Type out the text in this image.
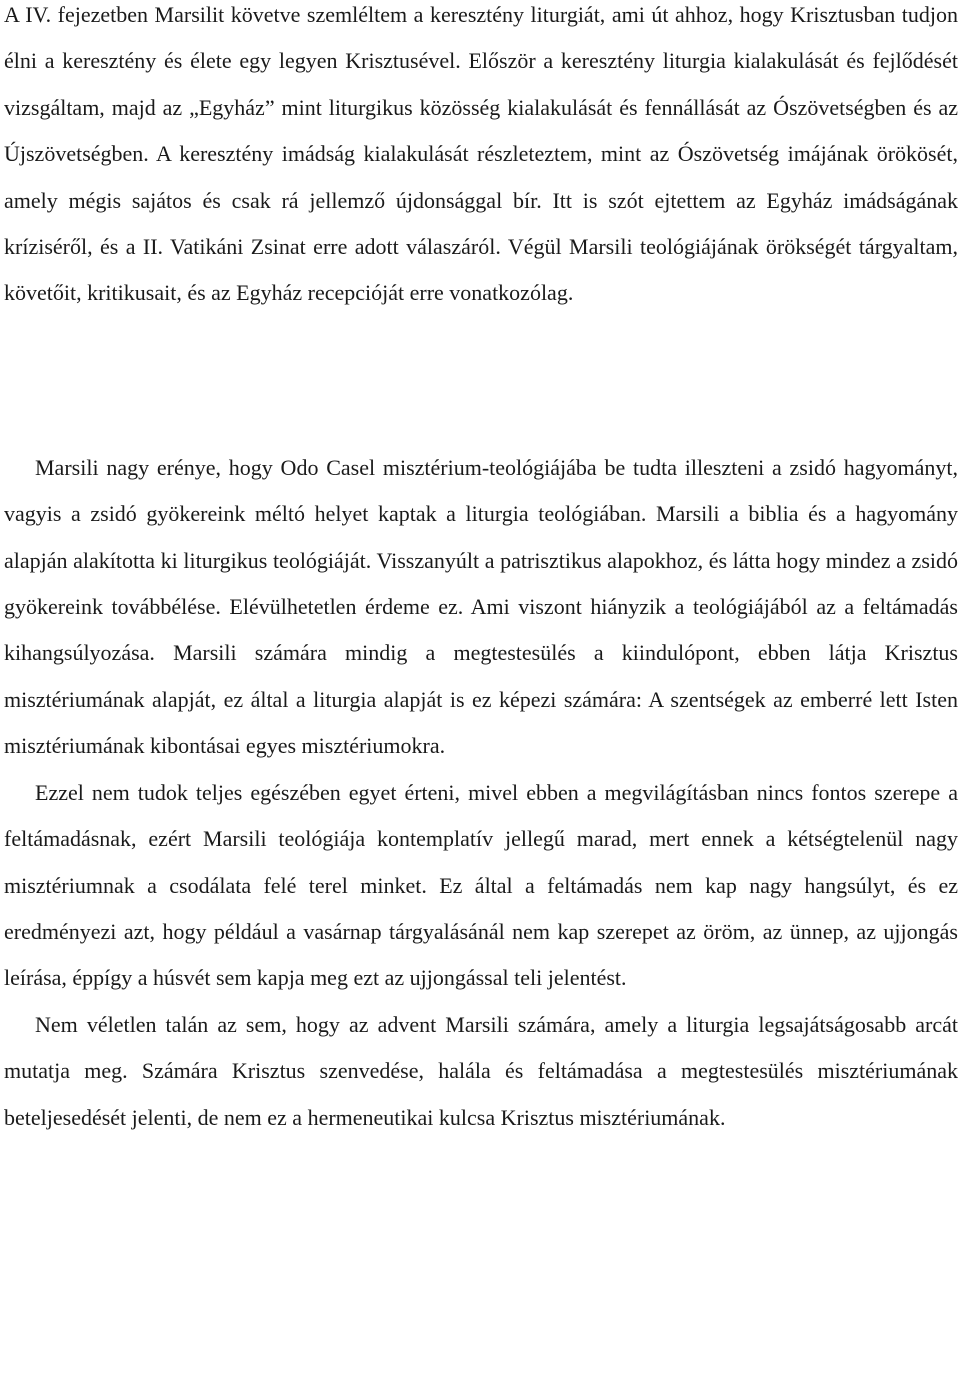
A IV. fejezetben Marsilit követve szemléltem a keresztény liturgiát, ami út ahhoz, hogy Krisztusban tudjon élni a keresztény és élete egy legyen Krisztusével. Először a keresztény liturgia kialakulását és fejlődését vizsgáltam, majd az „Egyház” mint liturgikus közösség kialakulását és fennállását az Ószövetségben és az Újszövetségben. A keresztény imádság kialakulását részleteztem, mint az Ószövetség imájának örökösét, amely mégis sajátos és csak rá jellemző újdonsággal bír. Itt is szót ejtettem az Egyház imádságának kríziséről, és a II. Vatikáni Zsinat erre adott válaszáról. Végül Marsili teológiájának örökségét tárgyaltam, követőit, kritikusait, és az Egyház recepcióját erre vonatkozólag.

Marsili nagy erénye, hogy Odo Casel misztérium-teológiájába be tudta illeszteni a zsidó hagyományt, vagyis a zsidó gyökereink méltó helyet kaptak a liturgia teológiában. Marsili a biblia és a hagyomány alapján alakította ki liturgikus teológiáját. Visszanyúlt a patrisztikus alapokhoz, és látta hogy mindez a zsidó gyökereink továbbélése. Elévülhetetlen érdeme ez. Ami viszont hiányzik a teológiájából az a feltámadás kihangsúlyozása. Marsili számára mindig a megtestesülés a kiindulópont, ebben látja Krisztus misztériumának alapját, ez által a liturgia alapját is ez képezi számára: A szentségek az emberré lett Isten misztériumának kibontásai egyes misztériumokra.

Ezzel nem tudok teljes egészében egyet érteni, mivel ebben a megvilágításban nincs fontos szerepe a feltámadásnak, ezért Marsili teológiája kontemplatív jellegű marad, mert ennek a kétségtelenül nagy misztériumnak a csodálata felé terel minket. Ez által a feltámadás nem kap nagy hangsúlyt, és ez eredményezi azt, hogy például a vasárnap tárgyalásánál nem kap szerepet az öröm, az ünnep, az ujjongás leírása, éppígy a húsvét sem kapja meg ezt az ujjongással teli jelentést.

Nem véletlen talán az sem, hogy az advent Marsili számára, amely a liturgia legsajátságosabb arcát mutatja meg. Számára Krisztus szenvedése, halála és feltámadása a megtestesülés misztériumának beteljesedését jelenti, de nem ez a hermeneutikai kulcsa Krisztus misztériumának.
